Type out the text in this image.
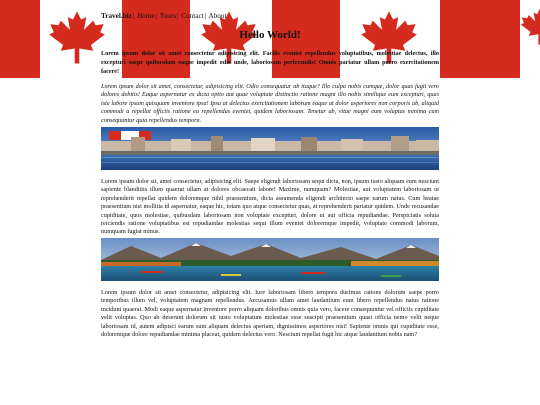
Travel.biz| Home| Tours| Contact| About
Hello World!

Lorem ipsum dolor sit amet consectetur adipisicing elit. Facilis eveniet repellendus voluptatibus, molestiae delectus, illo excepturi saepe quibusdam eaque impedit odio unde, laboriosam perferendis! Omnis pariatur ullam porro exercitationem facere!

Lorem ipsum dolor sit amet, consectetur, adipisicing elit. Odio consequatur ab itaque? Illo culpa nobis cumque, dolor quas fugit vero dolores debitis! Eaque aspernatur ex dicta optio aut quae voluptate distinctio ratione magni illo nobis similique eum excepturi, quas iste labore ipsam quisquam inventore ipsa! Ipsa at delectus exercitationem laborum eaque at dolor asperiores non corporis ab, aliquid commodi a repellat officiis ratione ea repellendus eveniet, quidem laboriosam. Tenetur ab, vitae magni eum voluptas minima cum consequuntur quia repellendus tempora.

Lorem ipsum dolor sit, amet consectetur, adipisicing elit. Saepe eligendi laboriosam sequi dicta, non, ipsum iusto aliquam eum nesciunt sapiente blanditiis illum quaerat ullam at dolores obcaecati labore! Maxime, numquam? Molestiae, aut voluptatem laboriosam ut reprehenderit repellat quidem doloremque nihil praesentium, dicta assumenda eligendi architecto saepe earum natus. Cum beatae praesentium nisi mollitia id aspernatur, eaque hic, totam quo atque consectetur quas, at reprehenderit pariatur quidem. Unde recusandae cupiditate, quos molestiae, quibusdam laboriosam non voluptate excepturi, dolore ut aut officia repudiandae. Perspiciatis soluta reiciendis ratione voluptatibus est repudiandae molestias sequi illum eveniet doloremque impedit, voluptate commodi laborum, numquam fugiat minus.

Lorem ipsum dolor sit amet consectetur, adipisicing elit. Iure laboriosam libero tempora ducimus ratione dolorum saepe porro temporibus illum vel, voluptatem magnam repellendus. Accusamus ullam amet laudantium eum libero repellendus natus ratione incidunt quaerat. Modi eaque aspernatur inventore porro aliquam doloribus omnis quia vero, facere consequuntur vel officiis cupiditate velit voluptas. Quo ab deserunt dolorum sit iusto voluptatum molestiae esse suscipit praesentium quasi officia nemo velit neque laboriosam id, autem adipisci earum sunt aliquam delectus aperiam, dignissimos asperiores nisi! Sapiente omnis qui cupiditate esse, doloremque dolore repudiandae minima placeat, quidem delectus vero. Nesciunt repellat fugit hic atque laudantium nobis nam?
